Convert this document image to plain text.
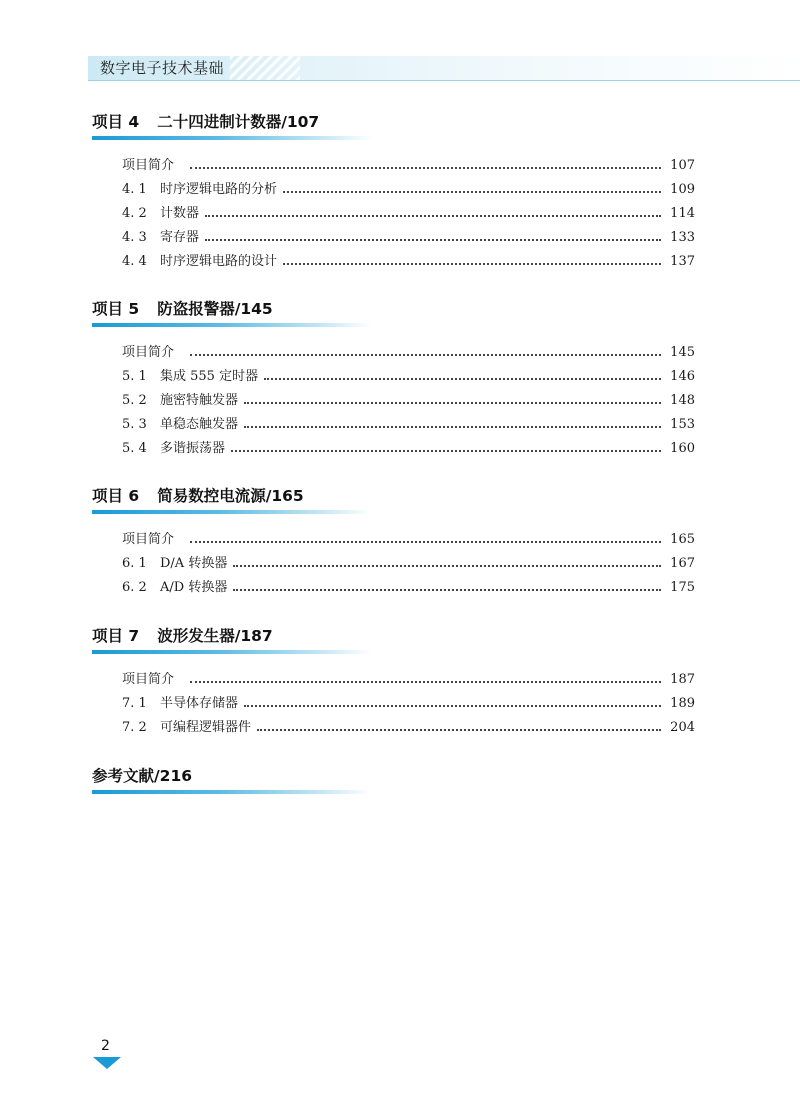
数字电子技术基础
项目 4 二十四进制计数器/107
项目简介	107
4. 1	时序逻辑电路的分析	109
4. 2	计数器	114
4. 3	寄存器	133
4. 4	时序逻辑电路的设计	137
项目 5 防盗报警器/145
项目简介	145
5. 1	集成 555 定时器	146
5. 2	施密特触发器	148
5. 3	单稳态触发器	153
5. 4	多谐振荡器	160
项目 6 简易数控电流源/165
项目简介	165
6. 1	D/A 转换器	167
6. 2	A/D 转换器	175
项目 7 波形发生器/187
项目简介	187
7. 1	半导体存储器	189
7. 2	可编程逻辑器件	204
参考文献/216
2
